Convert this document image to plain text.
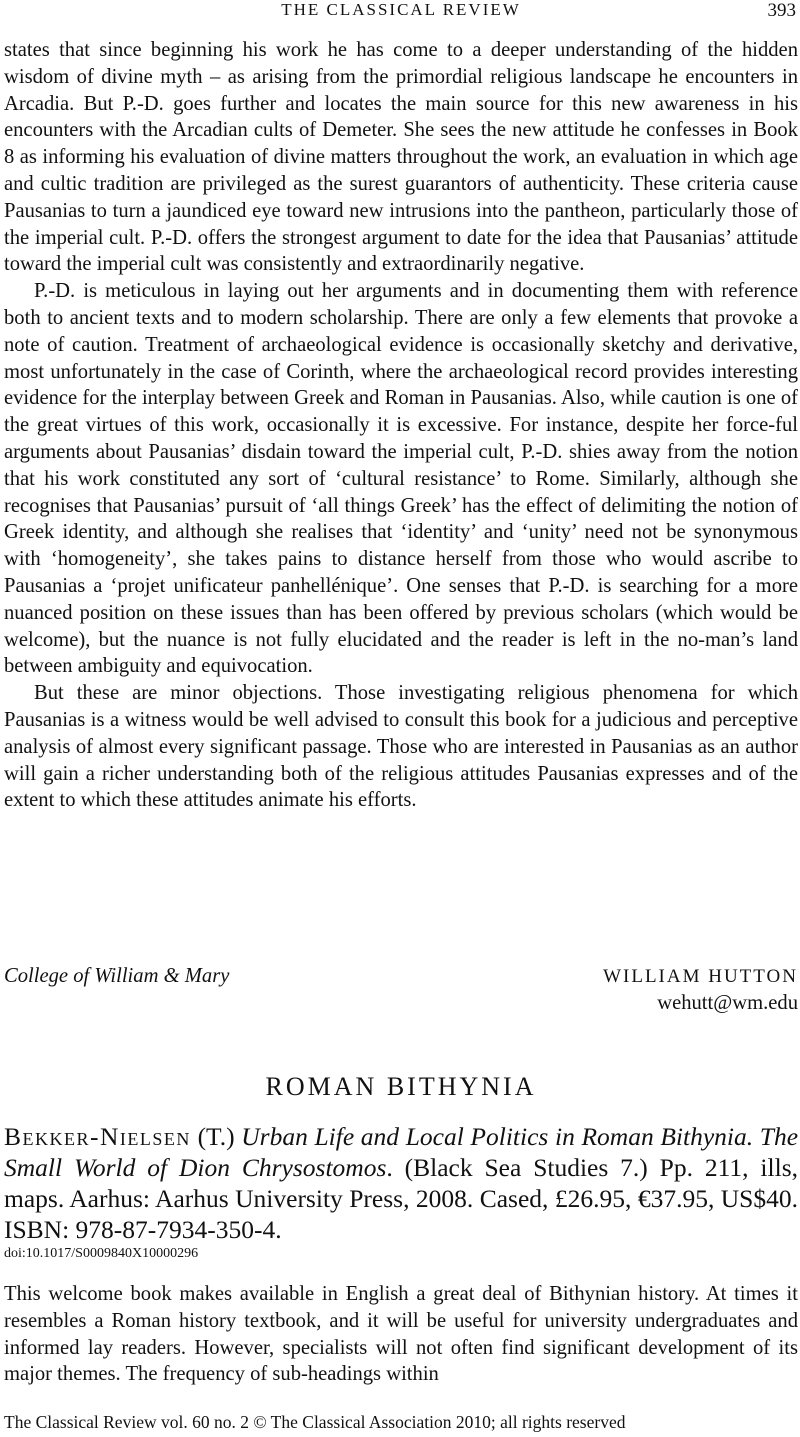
THE CLASSICAL REVIEW	393

states that since beginning his work he has come to a deeper understanding of the hidden wisdom of divine myth – as arising from the primordial religious landscape he encounters in Arcadia. But P.-D. goes further and locates the main source for this new awareness in his encounters with the Arcadian cults of Demeter. She sees the new attitude he confesses in Book 8 as informing his evaluation of divine matters throughout the work, an evaluation in which age and cultic tradition are privileged as the surest guarantors of authenticity. These criteria cause Pausanias to turn a jaundiced eye toward new intrusions into the pantheon, particularly those of the imperial cult. P.-D. offers the strongest argument to date for the idea that Pausanias’ attitude toward the imperial cult was consistently and extraordinarily negative.

P.-D. is meticulous in laying out her arguments and in documenting them with reference both to ancient texts and to modern scholarship. There are only a few elements that provoke a note of caution. Treatment of archaeological evidence is occasionally sketchy and derivative, most unfortunately in the case of Corinth, where the archaeological record provides interesting evidence for the interplay between Greek and Roman in Pausanias. Also, while caution is one of the great virtues of this work, occasionally it is excessive. For instance, despite her force-ful arguments about Pausanias’ disdain toward the imperial cult, P.-D. shies away from the notion that his work constituted any sort of ‘cultural resistance’ to Rome. Similarly, although she recognises that Pausanias’ pursuit of ‘all things Greek’ has the effect of delimiting the notion of Greek identity, and although she realises that ‘identity’ and ‘unity’ need not be synonymous with ‘homogeneity’, she takes pains to distance herself from those who would ascribe to Pausanias a ‘projet unificateur panhellénique’. One senses that P.-D. is searching for a more nuanced position on these issues than has been offered by previous scholars (which would be welcome), but the nuance is not fully elucidated and the reader is left in the no-man’s land between ambiguity and equivocation.

But these are minor objections. Those investigating religious phenomena for which Pausanias is a witness would be well advised to consult this book for a judicious and perceptive analysis of almost every significant passage. Those who are interested in Pausanias as an author will gain a richer understanding both of the religious attitudes Pausanias expresses and of the extent to which these attitudes animate his efforts.

College of William & Mary	WILLIAM HUTTON
wehutt@wm.edu
ROMAN BITHYNIA
Bekker-Nielsen (T.) Urban Life and Local Politics in Roman Bithynia. The Small World of Dion Chrysostomos. (Black Sea Studies 7.) Pp. 211, ills, maps. Aarhus: Aarhus University Press, 2008. Cased, £26.95, €37.95, US$40. ISBN: 978-87-7934-350-4.
doi:10.1017/S0009840X10000296

This welcome book makes available in English a great deal of Bithynian history. At times it resembles a Roman history textbook, and it will be useful for university undergraduates and informed lay readers. However, specialists will not often find significant development of its major themes. The frequency of sub-headings within

The Classical Review vol. 60 no. 2 © The Classical Association 2010; all rights reserved
